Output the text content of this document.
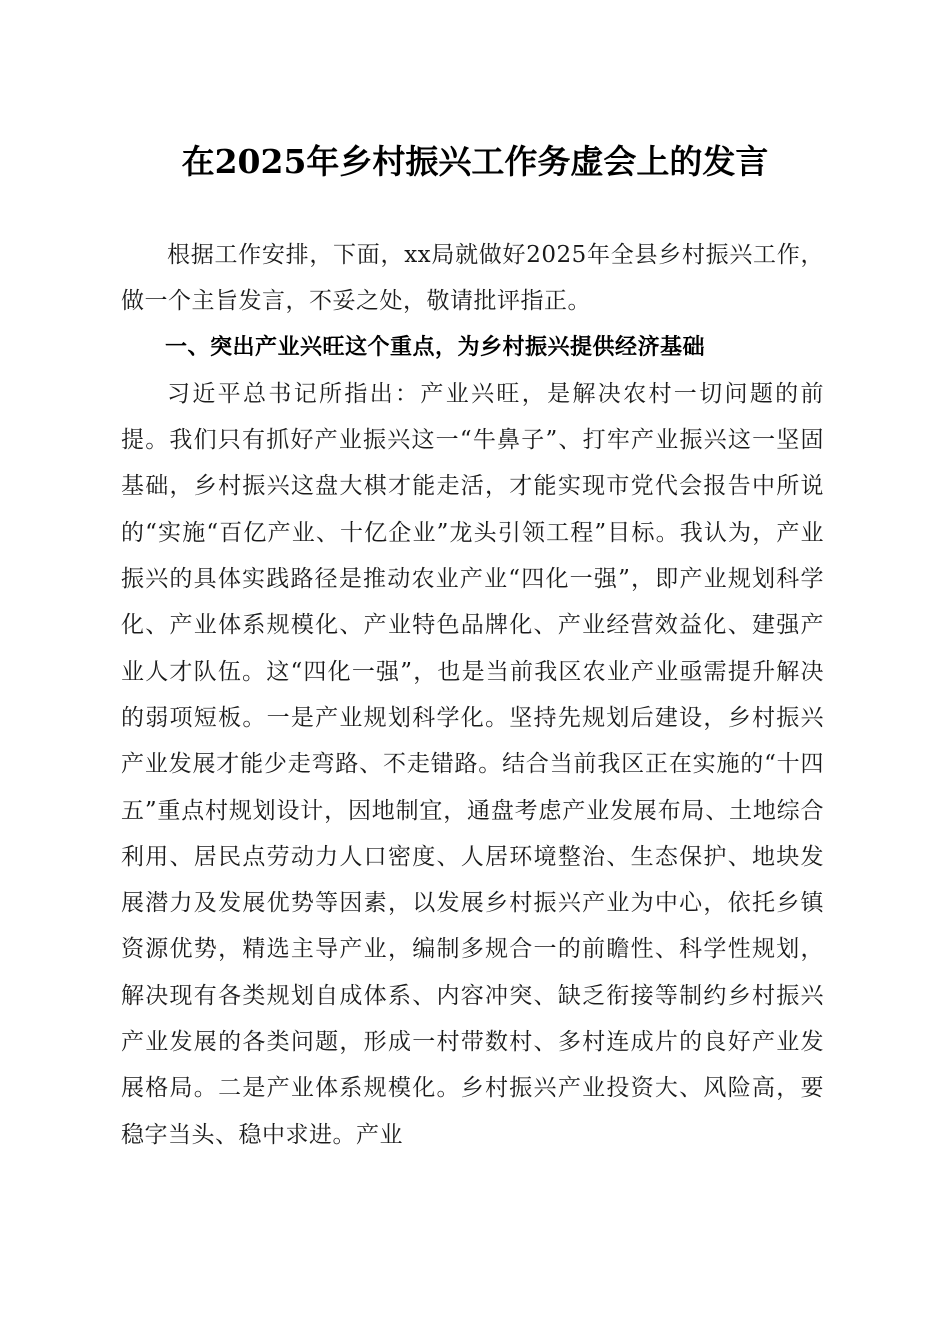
在2025年乡村振兴工作务虚会上的发言

根据工作安排，下面，xx局就做好2025年全县乡村振兴工作，做一个主旨发言，不妥之处，敬请批评指正。

一、突出产业兴旺这个重点，为乡村振兴提供经济基础

习近平总书记所指出：产业兴旺，是解决农村一切问题的前提。我们只有抓好产业振兴这一“牛鼻子”、打牢产业振兴这一坚固基础，乡村振兴这盘大棋才能走活，才能实现市党代会报告中所说的“实施“百亿产业、十亿企业”龙头引领工程”目标。我认为，产业振兴的具体实践路径是推动农业产业“四化一强”，即产业规划科学化、产业体系规模化、产业特色品牌化、产业经营效益化、建强产业人才队伍。这“四化一强”，也是当前我区农业产业亟需提升解决的弱项短板。一是产业规划科学化。坚持先规划后建设，乡村振兴产业发展才能少走弯路、不走错路。结合当前我区正在实施的“十四五”重点村规划设计，因地制宜，通盘考虑产业发展布局、土地综合利用、居民点劳动力人口密度、人居环境整治、生态保护、地块发展潜力及发展优势等因素，以发展乡村振兴产业为中心，依托乡镇资源优势，精选主导产业，编制多规合一的前瞻性、科学性规划，解决现有各类规划自成体系、内容冲突、缺乏衔接等制约乡村振兴产业发展的各类问题，形成一村带数村、多村连成片的良好产业发展格局。二是产业体系规模化。乡村振兴产业投资大、风险高，要稳字当头、稳中求进。产业
